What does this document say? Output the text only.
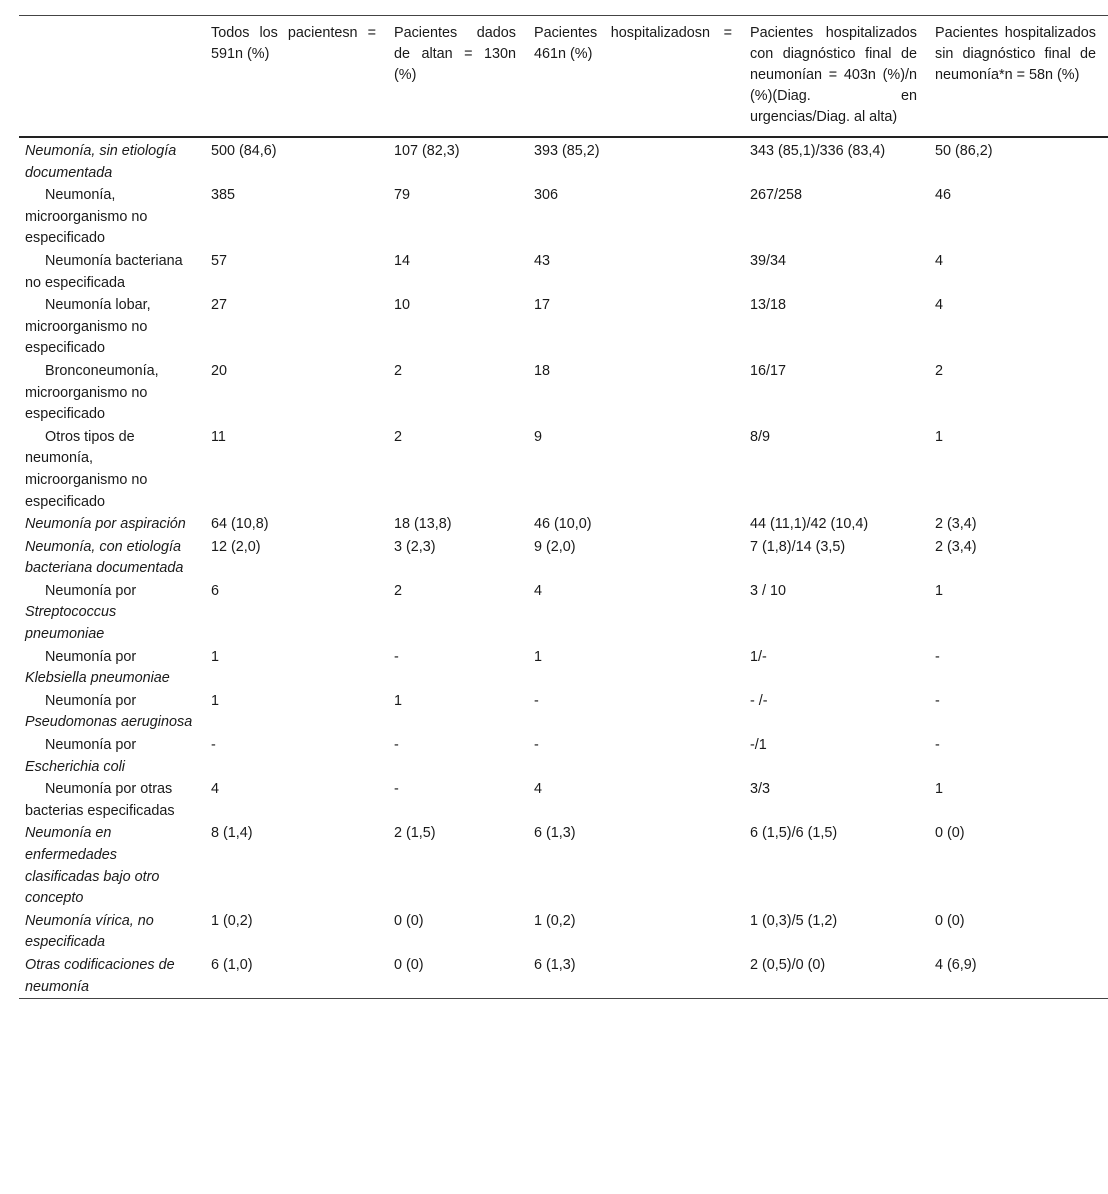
	Todos los pacientesn = 591n (%)	Pacientes dados de altan = 130n (%)	Pacientes hospitalizadosn = 461n (%)	Pacientes hospitalizados con diagnóstico final de neumonían = 403n (%)/n (%)(Diag. en urgencias/Diag. al alta)	Pacientes hospitalizados sin diagnóstico final de neumonía*n = 58n (%)
Neumonía, sin etiología documentada	500 (84,6)	107 (82,3)	393 (85,2)	343 (85,1)/336 (83,4)	50 (86,2)
Neumonía, microorganismo no especificado	385	79	306	267/258	46
Neumonía bacteriana no especificada	57	14	43	39/34	4
Neumonía lobar, microorganismo no especificado	27	10	17	13/18	4
Bronconeumonía, microorganismo no especificado	20	2	18	16/17	2
Otros tipos de neumonía, microorganismo no especificado	11	2	9	8/9	1
Neumonía por aspiración	64 (10,8)	18 (13,8)	46 (10,0)	44 (11,1)/42 (10,4)	2 (3,4)
Neumonía, con etiología bacteriana documentada	12 (2,0)	3 (2,3)	9 (2,0)	7 (1,8)/14 (3,5)	2 (3,4)
Neumonía por Streptococcus pneumoniae	6	2	4	3 / 10	1
Neumonía por Klebsiella pneumoniae	1	-	1	1/-	-
Neumonía por Pseudomonas aeruginosa	1	1	-	- /-	-
Neumonía por Escherichia coli	-	-	-	-/1	-
Neumonía por otras bacterias especificadas	4	-	4	3/3	1
Neumonía en enfermedades clasificadas bajo otro concepto	8 (1,4)	2 (1,5)	6 (1,3)	6 (1,5)/6 (1,5)	0 (0)
Neumonía vírica, no especificada	1 (0,2)	0 (0)	1 (0,2)	1 (0,3)/5 (1,2)	0 (0)
Otras codificaciones de neumonía	6 (1,0)	0 (0)	6 (1,3)	2 (0,5)/0 (0)	4 (6,9)
